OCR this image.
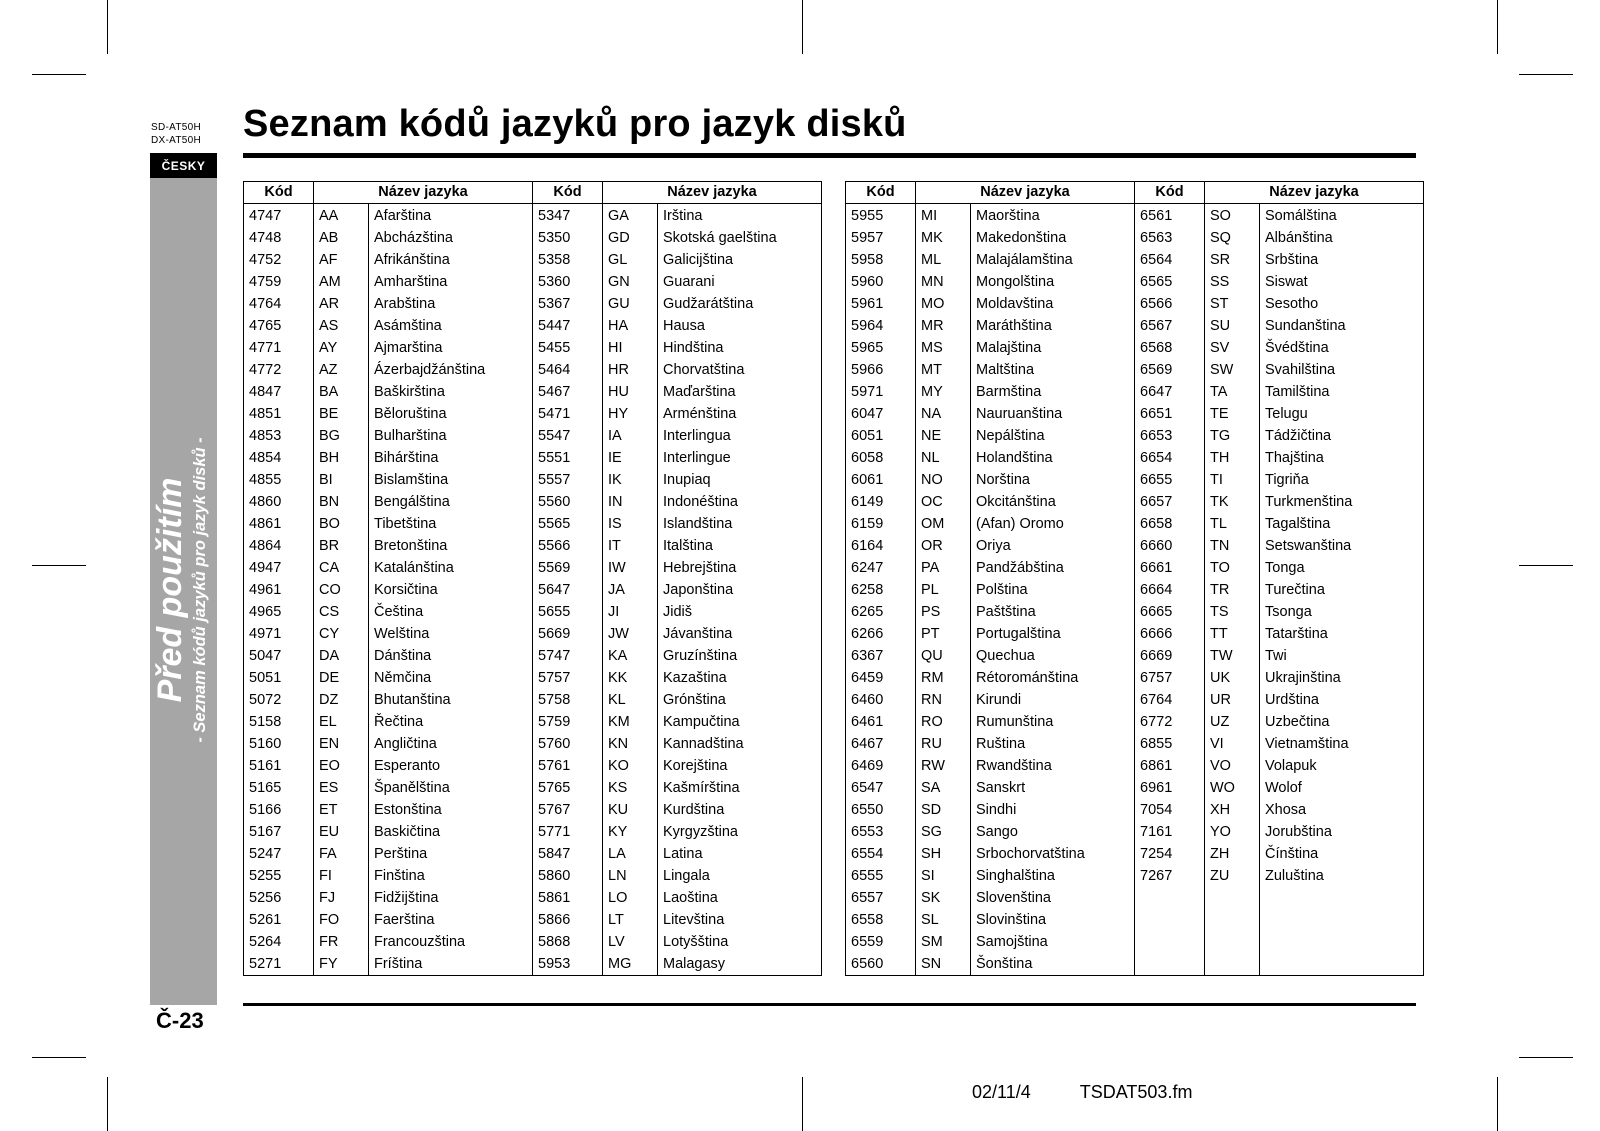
SD-AT50H
DX-AT50H
ČESKY
Před použitím - Seznam kódů jazyků pro jazyk disků -
Seznam kódů jazyků pro jazyk disků
Kód	Název jazyka		Kód	Název jazyka	
4747	AA	Afarština	5347	GA	Irština
4748	AB	Abcházština	5350	GD	Skotská gaelština
4752	AF	Afrikánština	5358	GL	Galicijština
4759	AM	Amharština	5360	GN	Guarani
4764	AR	Arabština	5367	GU	Gudžarátština
4765	AS	Asámština	5447	HA	Hausa
4771	AY	Ajmarština	5455	HI	Hindština
4772	AZ	Ázerbajdžánština	5464	HR	Chorvatština
4847	BA	Baškirština	5467	HU	Maďarština
4851	BE	Běloruština	5471	HY	Arménština
4853	BG	Bulharština	5547	IA	Interlingua
4854	BH	Bihárština	5551	IE	Interlingue
4855	BI	Bislamština	5557	IK	Inupiaq
4860	BN	Bengálština	5560	IN	Indonéština
4861	BO	Tibetština	5565	IS	Islandština
4864	BR	Bretonština	5566	IT	Italština
4947	CA	Katalánština	5569	IW	Hebrejština
4961	CO	Korsičtina	5647	JA	Japonština
4965	CS	Čeština	5655	JI	Jidiš
4971	CY	Welština	5669	JW	Jávanština
5047	DA	Dánština	5747	KA	Gruzínština
5051	DE	Němčina	5757	KK	Kazaština
5072	DZ	Bhutanština	5758	KL	Grónština
5158	EL	Řečtina	5759	KM	Kampučtina
5160	EN	Angličtina	5760	KN	Kannadština
5161	EO	Esperanto	5761	KO	Korejština
5165	ES	Španělština	5765	KS	Kašmírština
5166	ET	Estonština	5767	KU	Kurdština
5167	EU	Baskičtina	5771	KY	Kyrgyzština
5247	FA	Perština	5847	LA	Latina
5255	FI	Finština	5860	LN	Lingala
5256	FJ	Fidžijština	5861	LO	Laoština
5261	FO	Faerština	5866	LT	Litevština
5264	FR	Francouzština	5868	LV	Lotyšština
5271	FY	Fríština	5953	MG	Malagasy
Kód	Název jazyka		Kód	Název jazyka	
5955	MI	Maorština	6561	SO	Somálština
5957	MK	Makedonština	6563	SQ	Albánština
5958	ML	Malajálamština	6564	SR	Srbština
5960	MN	Mongolština	6565	SS	Siswat
5961	MO	Moldavština	6566	ST	Sesotho
5964	MR	Maráthština	6567	SU	Sundanština
5965	MS	Malajština	6568	SV	Švédština
5966	MT	Maltština	6569	SW	Svahilština
5971	MY	Barmština	6647	TA	Tamilština
6047	NA	Nauruanština	6651	TE	Telugu
6051	NE	Nepálština	6653	TG	Tádžičtina
6058	NL	Holandština	6654	TH	Thajština
6061	NO	Norština	6655	TI	Tigriňa
6149	OC	Okcitánština	6657	TK	Turkmenština
6159	OM	(Afan) Oromo	6658	TL	Tagalština
6164	OR	Oriya	6660	TN	Setswanština
6247	PA	Pandžábština	6661	TO	Tonga
6258	PL	Polština	6664	TR	Turečtina
6265	PS	Paštština	6665	TS	Tsonga
6266	PT	Portugalština	6666	TT	Tatarština
6367	QU	Quechua	6669	TW	Twi
6459	RM	Rétorománština	6757	UK	Ukrajinština
6460	RN	Kirundi	6764	UR	Urdština
6461	RO	Rumunština	6772	UZ	Uzbečtina
6467	RU	Ruština	6855	VI	Vietnamština
6469	RW	Rwandština	6861	VO	Volapuk
6547	SA	Sanskrt	6961	WO	Wolof
6550	SD	Sindhi	7054	XH	Xhosa
6553	SG	Sango	7161	YO	Jorubština
6554	SH	Srbochorvatština	7254	ZH	Čínština
6555	SI	Singhalština	7267	ZU	Zuluština
6557	SK	Slovenština			
6558	SL	Slovinština			
6559	SM	Samojština			
6560	SN	Šonština			
Č-23
02/11/4	TSDAT503.fm
